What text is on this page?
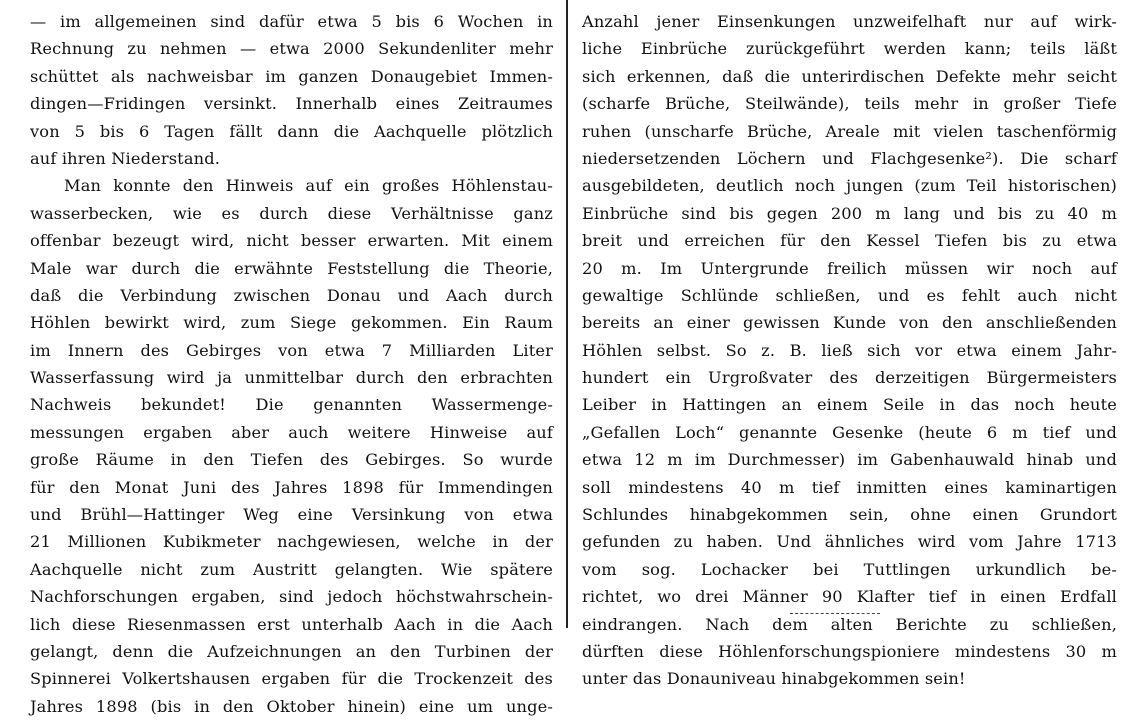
— im allgemeinen sind dafür etwa 5 bis 6 Wochen in
Rechnung zu nehmen — etwa 2000 Sekundenliter mehr
schüttet als nachweisbar im ganzen Donaugebiet Immen-
dingen—Fridingen versinkt. Innerhalb eines Zeitraumes
von 5 bis 6 Tagen fällt dann die Aachquelle plötzlich
auf ihren Niederstand.
Man konnte den Hinweis auf ein großes Höhlenstau-
wasserbecken, wie es durch diese Verhältnisse ganz
offenbar bezeugt wird, nicht besser erwarten. Mit einem
Male war durch die erwähnte Feststellung die Theorie,
daß die Verbindung zwischen Donau und Aach durch
Höhlen bewirkt wird, zum Siege gekommen. Ein Raum
im Innern des Gebirges von etwa 7 Milliarden Liter
Wasserfassung wird ja unmittelbar durch den erbrachten
Nachweis bekundet! Die genannten Wassermenge-
messungen ergaben aber auch weitere Hinweise auf
große Räume in den Tiefen des Gebirges. So wurde
für den Monat Juni des Jahres 1898 für Immendingen
und Brühl—Hattinger Weg eine Versinkung von etwa
21 Millionen Kubikmeter nachgewiesen, welche in der
Aachquelle nicht zum Austritt gelangten. Wie spätere
Nachforschungen ergaben, sind jedoch höchstwahrschein-
lich diese Riesenmassen erst unterhalb Aach in die Aach
gelangt, denn die Aufzeichnungen an den Turbinen der
Spinnerei Volkertshausen ergaben für die Trockenzeit des
Jahres 1898 (bis in den Oktober hinein) eine um unge-
Anzahl jener Einsenkungen unzweifelhaft nur auf wirk-
liche Einbrüche zurückgeführt werden kann; teils läßt
sich erkennen, daß die unterirdischen Defekte mehr seicht
(scharfe Brüche, Steilwände), teils mehr in großer Tiefe
ruhen (unscharfe Brüche, Areale mit vielen taschenförmig
niedersetzenden Löchern und Flachgesenke²). Die scharf
ausgebildeten, deutlich noch jungen (zum Teil historischen)
Einbrüche sind bis gegen 200 m lang und bis zu 40 m
breit und erreichen für den Kessel Tiefen bis zu etwa
20 m. Im Untergrunde freilich müssen wir noch auf
gewaltige Schlünde schließen, und es fehlt auch nicht
bereits an einer gewissen Kunde von den anschließenden
Höhlen selbst. So z. B. ließ sich vor etwa einem Jahr-
hundert ein Urgroßvater des derzeitigen Bürgermeisters
Leiber in Hattingen an einem Seile in das noch heute
„Gefallen Loch“ genannte Gesenke (heute 6 m tief und
etwa 12 m im Durchmesser) im Gabenhauwald hinab und
soll mindestens 40 m tief inmitten eines kaminartigen
Schlundes hinabgekommen sein, ohne einen Grundort
gefunden zu haben. Und ähnliches wird vom Jahre 1713
vom sog. Lochacker bei Tuttlingen urkundlich be-
richtet, wo drei Männer 90 Klafter tief in einen Erdfall
eindrangen. Nach dem alten Berichte zu schließen,
dürften diese Höhlenforschungspioniere mindestens 30 m
unter das Donauniveau hinabgekommen sein!
